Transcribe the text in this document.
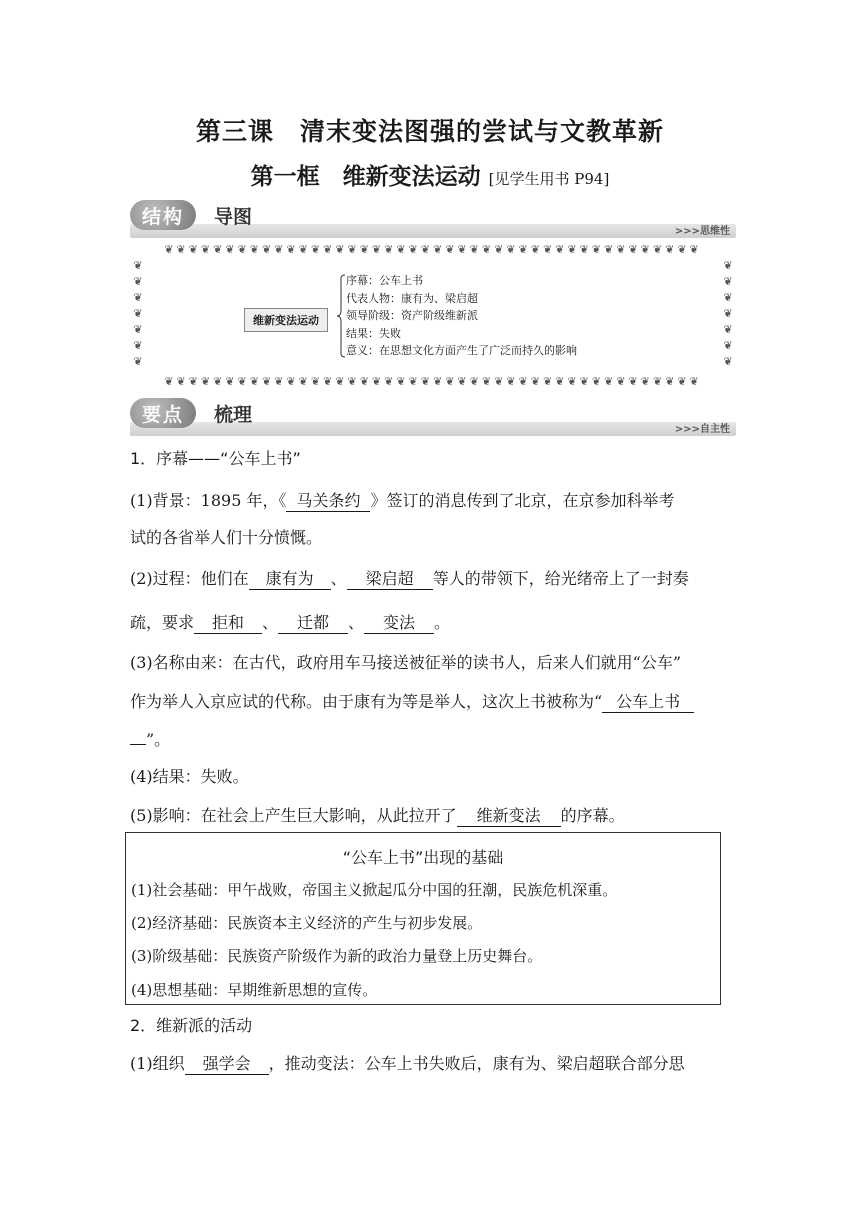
第三课　清末变法图强的尝试与文教革新
第一框　维新变法运动 [见学生用书 P94]
结构	导图
>>>思维性
❦❦❦❦❦❦❦❦❦❦❦❦❦❦❦❦❦❦❦❦❦❦❦❦❦❦❦❦❦❦❦❦❦❦❦❦❦❦❦❦❦❦❦❦
❦❦❦❦❦❦❦❦❦❦❦❦❦❦❦❦❦❦❦❦❦❦❦❦❦❦❦❦❦❦❦❦❦❦❦❦❦❦❦❦❦❦❦❦
❦
❦
❦
❦
❦
❦
❦
❦
❦
❦
❦
❦
❦
❦
维新变法运动
序幕：公车上书
代表人物：康有为、梁启超
领导阶级：资产阶级维新派
结果：失败
意义：在思想文化方面产生了广泛而持久的影响
要点	梳理
>>>自主性
1．序幕——“公车上书”
(1)背景：1895 年，《 马关条约 》签订的消息传到了北京，在京参加科举考
试的各省举人们十分愤慨。
(2)过程：他们在 康有为 、 梁启超 等人的带领下，给光绪帝上了一封奏
疏，要求 拒和 、 迁都 、 变法 。
(3)名称由来：在古代，政府用车马接送被征举的读书人，后来人们就用“公车”
作为举人入京应试的代称。由于康有为等是举人，这次上书被称为“ 公车上书
”。
(4)结果：失败。
(5)影响：在社会上产生巨大影响，从此拉开了 维新变法 的序幕。
“公车上书”出现的基础
(1)社会基础：甲午战败，帝国主义掀起瓜分中国的狂潮，民族危机深重。
(2)经济基础：民族资本主义经济的产生与初步发展。
(3)阶级基础：民族资产阶级作为新的政治力量登上历史舞台。
(4)思想基础：早期维新思想的宣传。
2．维新派的活动
(1)组织 强学会 ，推动变法：公车上书失败后，康有为、梁启超联合部分思
